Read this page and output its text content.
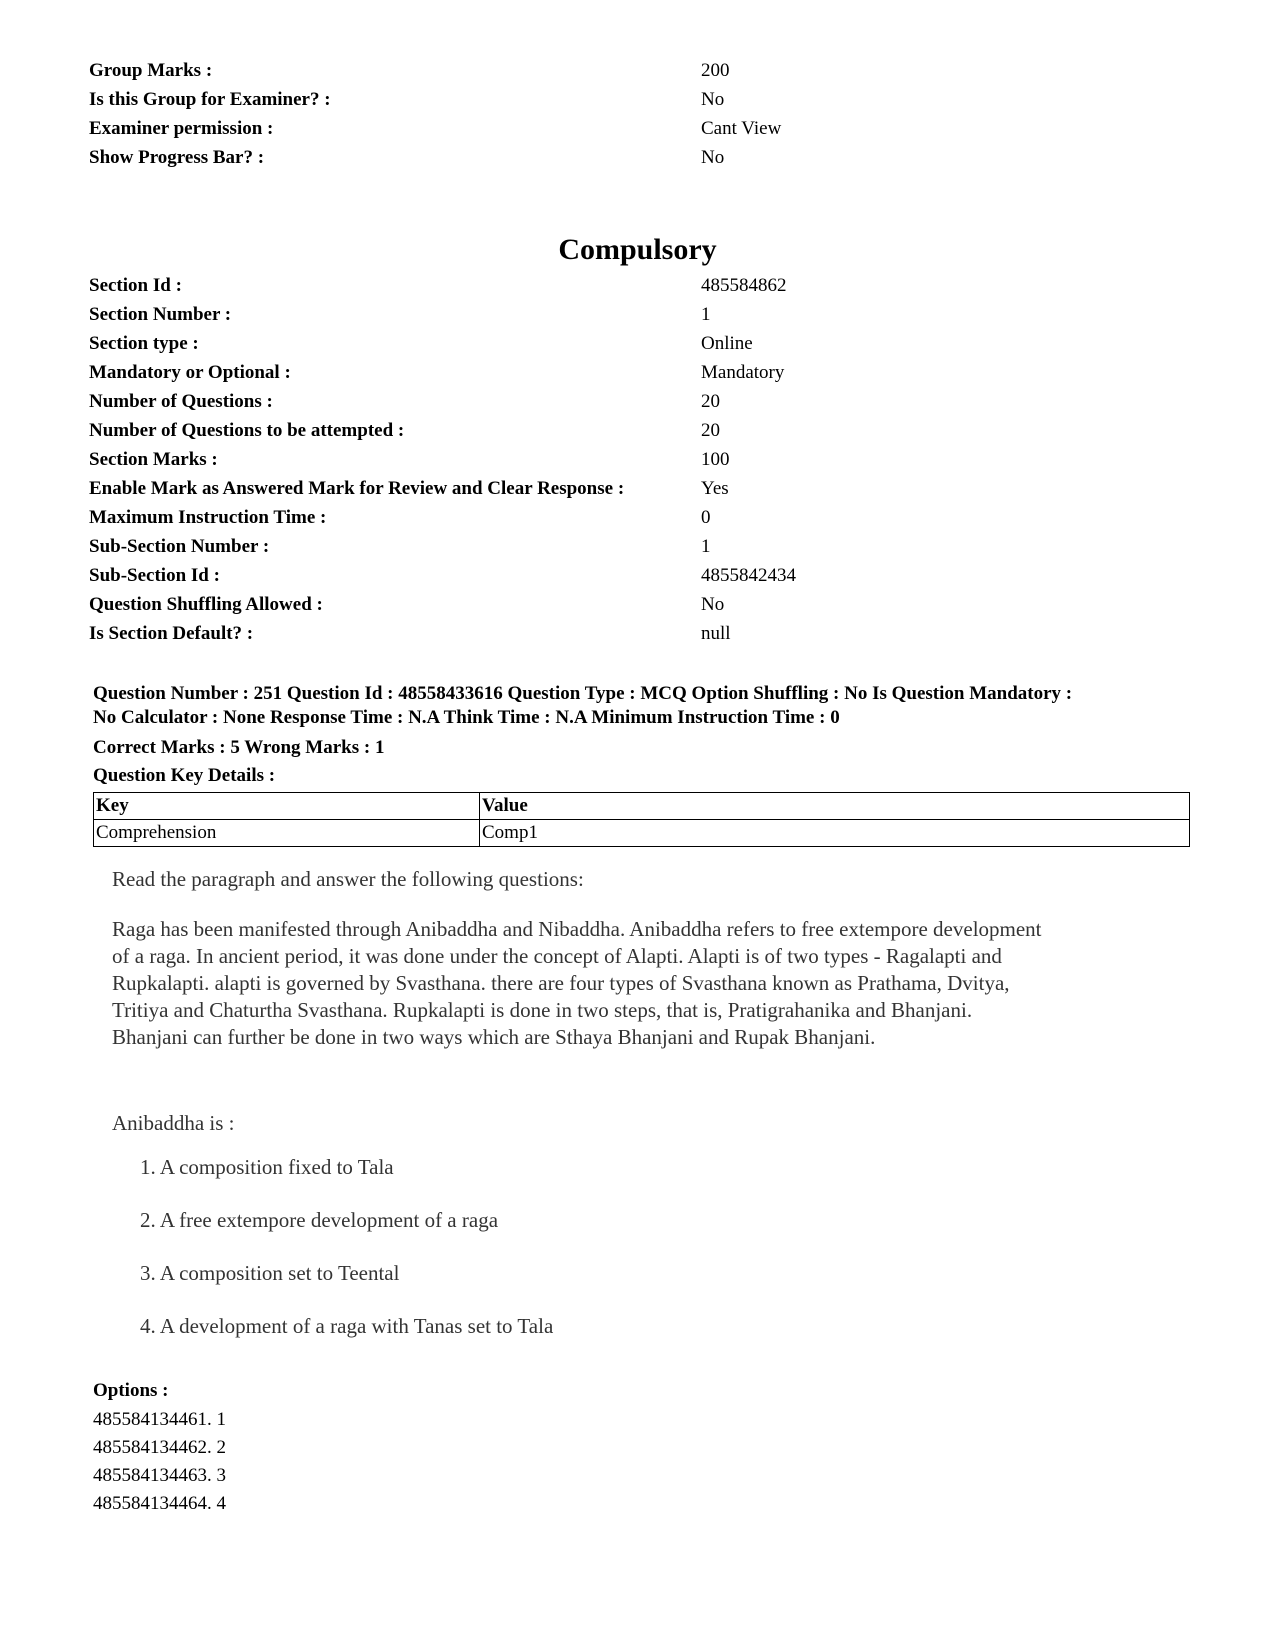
Group Marks :	200
Is this Group for Examiner? :	No
Examiner permission :	Cant View
Show Progress Bar? :	No
Compulsory
Section Id :	485584862
Section Number :	1
Section type :	Online
Mandatory or Optional :	Mandatory
Number of Questions :	20
Number of Questions to be attempted :	20
Section Marks :	100
Enable Mark as Answered Mark for Review and Clear Response :	Yes
Maximum Instruction Time :	0
Sub-Section Number :	1
Sub-Section Id :	4855842434
Question Shuffling Allowed :	No
Is Section Default? :	null
Question Number : 251 Question Id : 48558433616 Question Type : MCQ Option Shuffling : No Is Question Mandatory :
No Calculator : None Response Time : N.A Think Time : N.A Minimum Instruction Time : 0
Correct Marks : 5 Wrong Marks : 1
Question Key Details :
Key	Value
Comprehension	Comp1

Read the paragraph and answer the following questions:

Raga has been manifested through Anibaddha and Nibaddha. Anibaddha refers to free extempore development

of a raga. In ancient period, it was done under the concept of Alapti. Alapti is of two types - Ragalapti and

Rupkalapti. alapti is governed by Svasthana. there are four types of Svasthana known as Prathama, Dvitya,

Tritiya and Chaturtha Svasthana. Rupkalapti is done in two steps, that is, Pratigrahanika and Bhanjani.

Bhanjani can further be done in two ways which are Sthaya Bhanjani and Rupak Bhanjani.

Anibaddha is :

1. A composition fixed to Tala
2. A free extempore development of a raga
3. A composition set to Teental
4. A development of a raga with Tanas set to Tala
Options :
485584134461. 1
485584134462. 2
485584134463. 3
485584134464. 4
